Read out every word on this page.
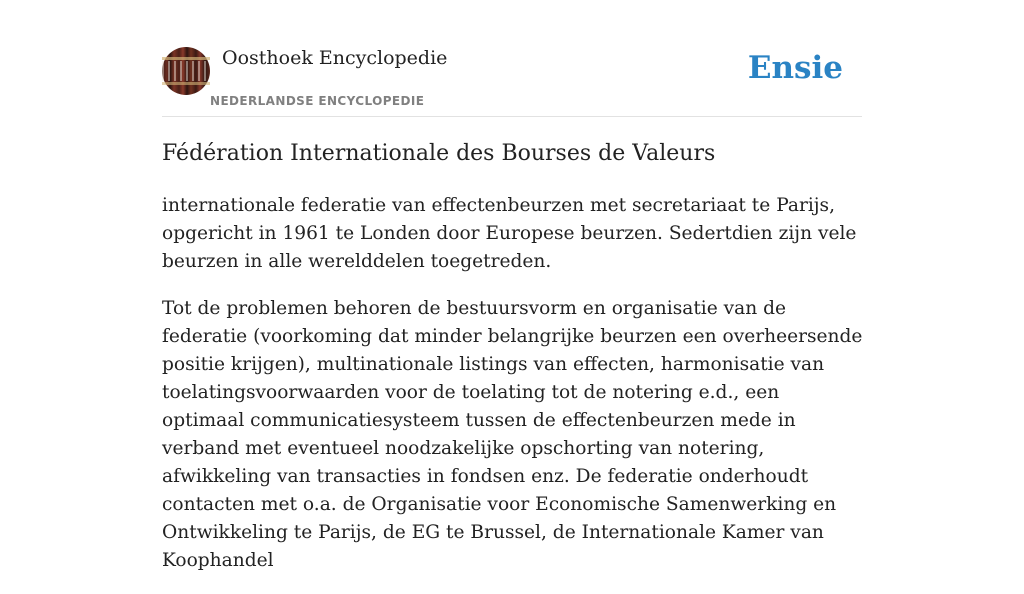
Oosthoek Encyclopedie
NEDERLANDSE ENCYCLOPEDIE
Ensie
Fédération Internationale des Bourses de Valeurs

internationale federatie van effectenbeurzen met secretariaat te Parijs, opgericht in 1961 te Londen door Europese beurzen. Sedertdien zijn vele beurzen in alle werelddelen toegetreden.

Tot de problemen behoren de bestuursvorm en organisatie van de federatie (voorkoming dat minder belangrijke beurzen een overheersende positie krijgen), multinationale listings van effecten, harmonisatie van toelatingsvoorwaarden voor de toelating tot de notering e.d., een optimaal communicatiesysteem tussen de effectenbeurzen mede in verband met eventueel noodzakelijke opschorting van notering, afwikkeling van transacties in fondsen enz. De federatie onderhoudt contacten met o.a. de Organisatie voor Economische Samenwerking en Ontwikkeling te Parijs, de EG te Brussel, de Internationale Kamer van Koophandel
